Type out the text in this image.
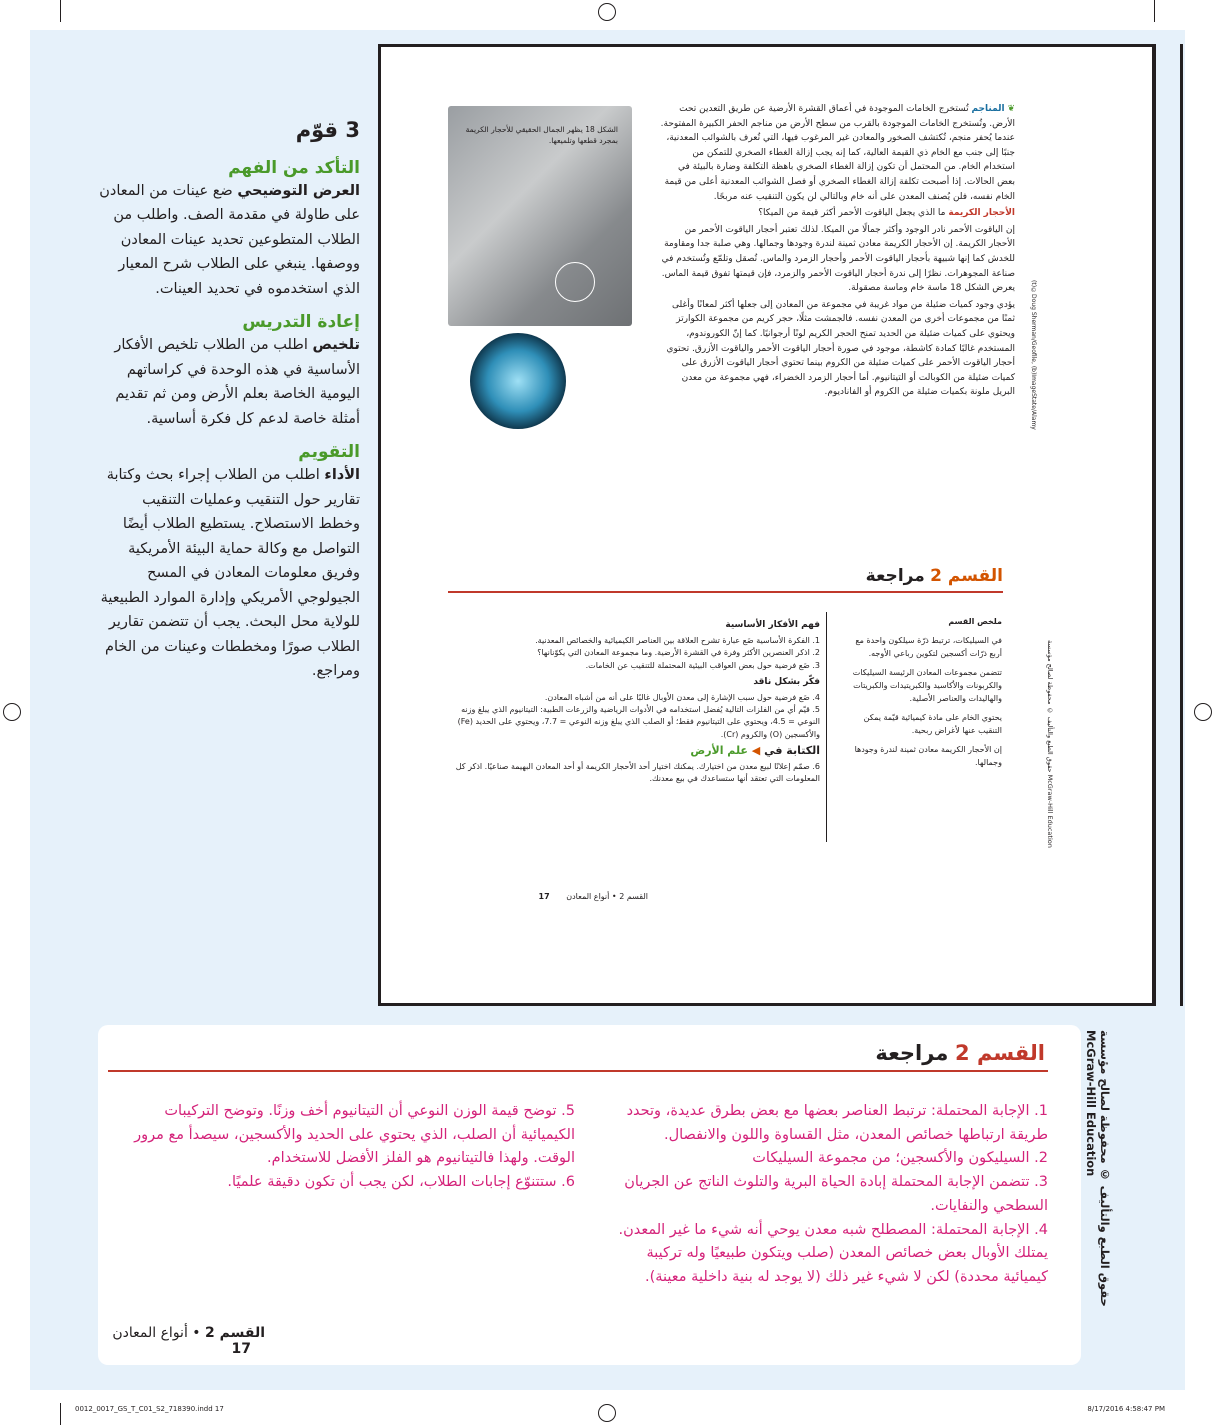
3 قوّم
التأكد من الفهم

العرض التوضيحي ضع عينات من المعادن على طاولة في مقدمة الصف. واطلب من الطلاب المتطوعين تحديد عينات المعادن ووصفها. ينبغي على الطلاب شرح المعيار الذي استخدموه في تحديد العينات.

إعادة التدريس

تلخيص اطلب من الطلاب تلخيص الأفكار الأساسية في هذه الوحدة في كراساتهم اليومية الخاصة بعلم الأرض ومن ثم تقديم أمثلة خاصة لدعم كل فكرة أساسية.

التقويم

الأداء اطلب من الطلاب إجراء بحث وكتابة تقارير حول التنقيب وعمليات التنقيب وخطط الاستصلاح. يستطيع الطلاب أيضًا التواصل مع وكالة حماية البيئة الأمريكية وفريق معلومات المعادن في المسح الجيولوجي الأمريكي وإدارة الموارد الطبيعية للولاية محل البحث. يجب أن تتضمن تقارير الطلاب صورًا ومخططات وعينات من الخام ومراجع.

❦ المناجم تُستخرج الخامات الموجودة في أعماق القشرة الأرضية عن طريق التعدين تحت الأرض. وتُستخرج الخامات الموجودة بالقرب من سطح الأرض من مناجم الحفر الكبيرة المفتوحة. عندما يُحفر منجم، تُكتشف الصخور والمعادن غير المرغوب فيها، التي تُعرف بالشوائب المعدنية، جنبًا إلى جنب مع الخام ذي القيمة العالية، كما إنه يجب إزالة الغطاء الصخري للتمكن من استخدام الخام. من المحتمل أن تكون إزالة الغطاء الصخري باهظة التكلفة وضارة بالبيئة في بعض الحالات. إذا أصبحت تكلفة إزالة الغطاء الصخري أو فصل الشوائب المعدنية أعلى من قيمة الخام نفسه، فلن يُصنف المعدن على أنه خام وبالتالي لن يكون التنقيب عنه مربحًا.

الأحجار الكريمة ما الذي يجعل الياقوت الأحمر أكثر قيمة من الميكا؟

إن الياقوت الأحمر نادر الوجود وأكثر جمالًا من الميكا. لذلك تعتبر أحجار الياقوت الأحمر من الأحجار الكريمة. إن الأحجار الكريمة معادن ثمينة لندرة وجودها وجمالها. وهي صلبة جدا ومقاومة للخدش كما إنها شبيهة بأحجار الياقوت الأحمر وأحجار الزمرد والماس. تُصقل وتلمّع وتُستخدم في صناعة المجوهرات. نظرًا إلى ندرة أحجار الياقوت الأحمر والزمرد، فإن قيمتها تفوق قيمة الماس. يعرض الشكل 18 ماسة خام وماسة مصقولة.

يؤدي وجود كميات ضئيلة من مواد غريبة في مجموعة من المعادن إلى جعلها أكثر لمعانًا وأغلى ثمنًا من مجموعات أخرى من المعدن نفسه. فالجمشت مثلًا، حجر كريم من مجموعة الكوارتز ويحتوي على كميات ضئيلة من الحديد تمنح الحجر الكريم لونًا أرجوانيًا. كما إنّ الكوروندوم، المستخدم غالبًا كمادة كاشطة، موجود في صورة أحجار الياقوت الأحمر والياقوت الأزرق. تحتوي أحجار الياقوت الأحمر على كميات ضئيلة من الكروم بينما تحتوي أحجار الياقوت الأزرق على كميات ضئيلة من الكوبالت أو التيتانيوم. أما أحجار الزمرد الخضراء، فهي مجموعة من معدن البريل ملونة بكميات ضئيلة من الكروم أو الفاناديوم.

الشكل 18 يظهر الجمال الحقيقي للأحجار الكريمة بمجرد قطعها وتلميعها.
(t)©Doug Sherman/Geofile, (b)ImageState/Alamy
القسم 2 مراجعة
ملخص القسم
في السيليكات، ترتبط ذرّة سيلكون واحدة مع أربع ذرّات أكسجين لتكوين رباعي الأوجه.
تتضمن مجموعات المعادن الرئيسة السيليكات والكربونات والأكاسيد والكبريتيدات والكبريتات والهاليدات والعناصر الأصلية.
يحتوي الخام على مادة كيميائية قيّمة يمكن التنقيب عنها لأغراض ربحية.
إن الأحجار الكريمة معادن ثمينة لندرة وجودها وجمالها.
فهم الأفكار الأساسية
1. الفكرة الأساسية ضَع عبارة تشرح العلاقة بين العناصر الكيميائية والخصائص المعدنية.
2. اذكر العنصرين الأكثر وفرة في القشرة الأرضية. وما مجموعة المعادن التي يكوّنانها؟
3. ضَع فرضية حول بعض العواقب البيئية المحتملة للتنقيب عن الخامات.
فكّر بشكل ناقد
4. ضَع فرضية حول سبب الإشارة إلى معدن الأوبال غالبًا على أنه من أشباه المعادن.
5. قيّم أي من الفلزات التالية يُفضل استخدامه في الأدوات الرياضية والزرعات الطبية: التيتانيوم الذي يبلغ وزنه النوعي = 4.5، ويحتوي على التيتانيوم فقط؛ أو الصلب الذي يبلغ وزنه النوعي = 7.7، ويحتوي على الحديد (Fe) والأكسجين (O) والكروم (Cr).
الكتابة في ◀ علم الأرض
6. صمّم إعلانًا لبيع معدن من اختيارك. يمكنك اختيار أحد الأحجار الكريمة أو أحد المعادن البهيمة صناعيًا. اذكر كل المعلومات التي تعتقد أنها ستساعدك في بيع معدنك.
القسم 2 • أنواع المعادن 17
حقوق الطبع والتأليف © محفوظة لصالح مؤسسة McGraw-Hill Education
القسم 2 مراجعة
1. الإجابة المحتملة: ترتبط العناصر بعضها مع بعض بطرق عديدة، وتحدد طريقة ارتباطها خصائص المعدن، مثل القساوة واللون والانفصال.
2. السيليكون والأكسجين؛ من مجموعة السيليكات
3. تتضمن الإجابة المحتملة إبادة الحياة البرية والتلوث الناتج عن الجريان السطحي والنفايات.
4. الإجابة المحتملة: المصطلح شبه معدن يوحي أنه شيء ما غير المعدن. يمتلك الأوبال بعض خصائص المعدن (صلب ويتكون طبيعيًا وله تركيبة كيميائية محددة) لكن لا شيء غير ذلك (لا يوجد له بنية داخلية معينة).
5. توضح قيمة الوزن النوعي أن التيتانيوم أخف وزنًا. وتوضح التركيبات الكيميائية أن الصلب، الذي يحتوي على الحديد والأكسجين، سيصدأ مع مرور الوقت. ولهذا فالتيتانيوم هو الفلز الأفضل للاستخدام.
6. ستتنوّع إجابات الطلاب، لكن يجب أن تكون دقيقة علميًا.
القسم 2 • أنواع المعادن 17
حقوق الطبع والتأليف © محفوظة لصالح مؤسسة McGraw-Hill Education
0012_0017_GS_T_C01_S2_718390.indd 17	8/17/2016 4:58:47 PM
